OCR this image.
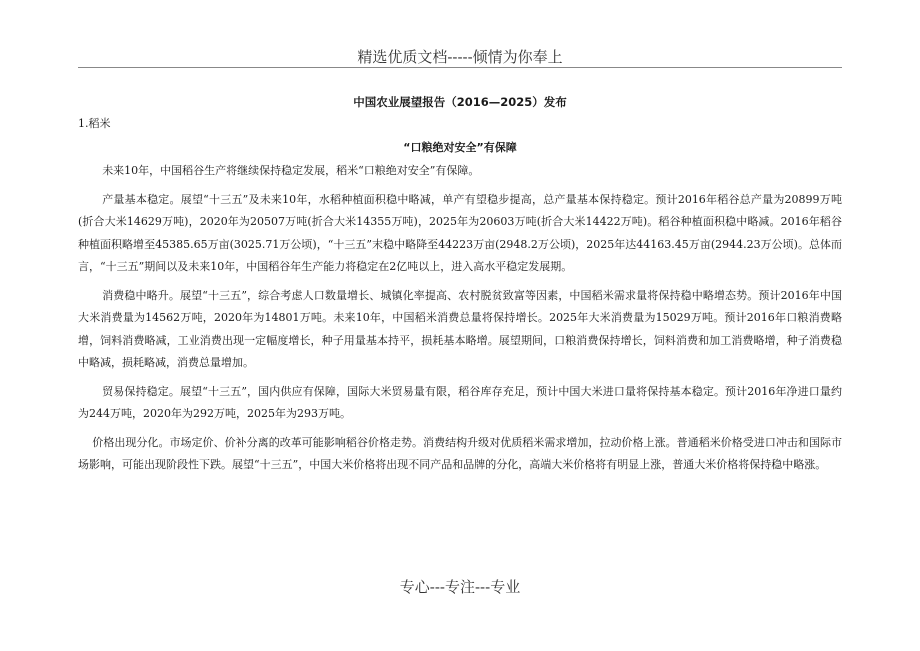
精选优质文档-----倾情为你奉上
中国农业展望报告（2016—2025）发布
1.稻米
“口粮绝对安全”有保障

未来10年，中国稻谷生产将继续保持稳定发展，稻米“口粮绝对安全”有保障。

产量基本稳定。展望“十三五”及未来10年，水稻种植面积稳中略减，单产有望稳步提高，总产量基本保持稳定。预计2016年稻谷总产量为20899万吨(折合大米14629万吨)，2020年为20507万吨(折合大米14355万吨)，2025年为20603万吨(折合大米14422万吨)。稻谷种植面积稳中略减。2016年稻谷种植面积略增至45385.65万亩(3025.71万公顷)，“十三五”末稳中略降至44223万亩(2948.2万公顷)，2025年达44163.45万亩(2944.23万公顷)。总体而言，“十三五”期间以及未来10年，中国稻谷年生产能力将稳定在2亿吨以上，进入高水平稳定发展期。

消费稳中略升。展望“十三五”，综合考虑人口数量增长、城镇化率提高、农村脱贫致富等因素，中国稻米需求量将保持稳中略增态势。预计2016年中国大米消费量为14562万吨，2020年为14801万吨。未来10年，中国稻米消费总量将保持增长。2025年大米消费量为15029万吨。预计2016年口粮消费略增，饲料消费略减，工业消费出现一定幅度增长，种子用量基本持平，损耗基本略增。展望期间，口粮消费保持增长，饲料消费和加工消费略增，种子消费稳中略减，损耗略减，消费总量增加。

贸易保持稳定。展望“十三五”，国内供应有保障，国际大米贸易量有限，稻谷库存充足，预计中国大米进口量将保持基本稳定。预计2016年净进口量约为244万吨，2020年为292万吨，2025年为293万吨。

价格出现分化。市场定价、价补分离的改革可能影响稻谷价格走势。消费结构升级对优质稻米需求增加，拉动价格上涨。普通稻米价格受进口冲击和国际市场影响，可能出现阶段性下跌。展望“十三五”，中国大米价格将出现不同产品和品牌的分化，高端大米价格将有明显上涨，普通大米价格将保持稳中略涨。

专心---专注---专业
